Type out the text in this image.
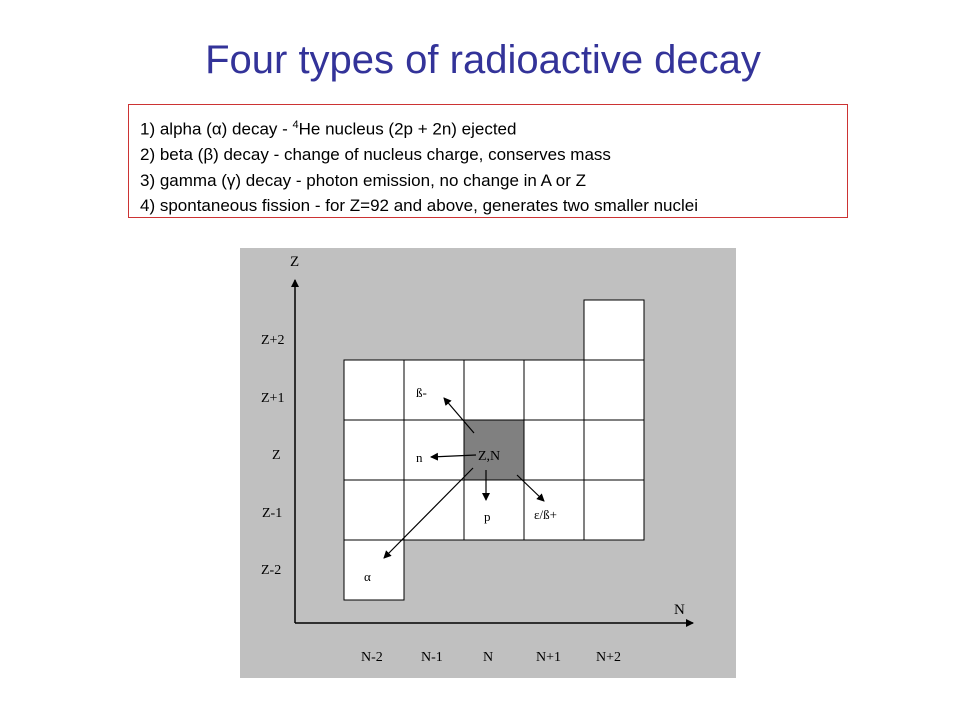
Four types of radioactive decay
1) alpha (α) decay - $^4$He nucleus (2p + 2n) ejected
2) beta (β) decay - change of nucleus charge, conserves mass
3) gamma (γ) decay - photon emission, no change in A or Z
4) spontaneous fission - for Z=92 and above, generates two smaller nuclei
Z
N
Z+2
Z+1
Z
Z-1
Z-2
N-2	N-1	N	N+1 N+2
Z,N
ß-
n
p	ε/ß+
α
